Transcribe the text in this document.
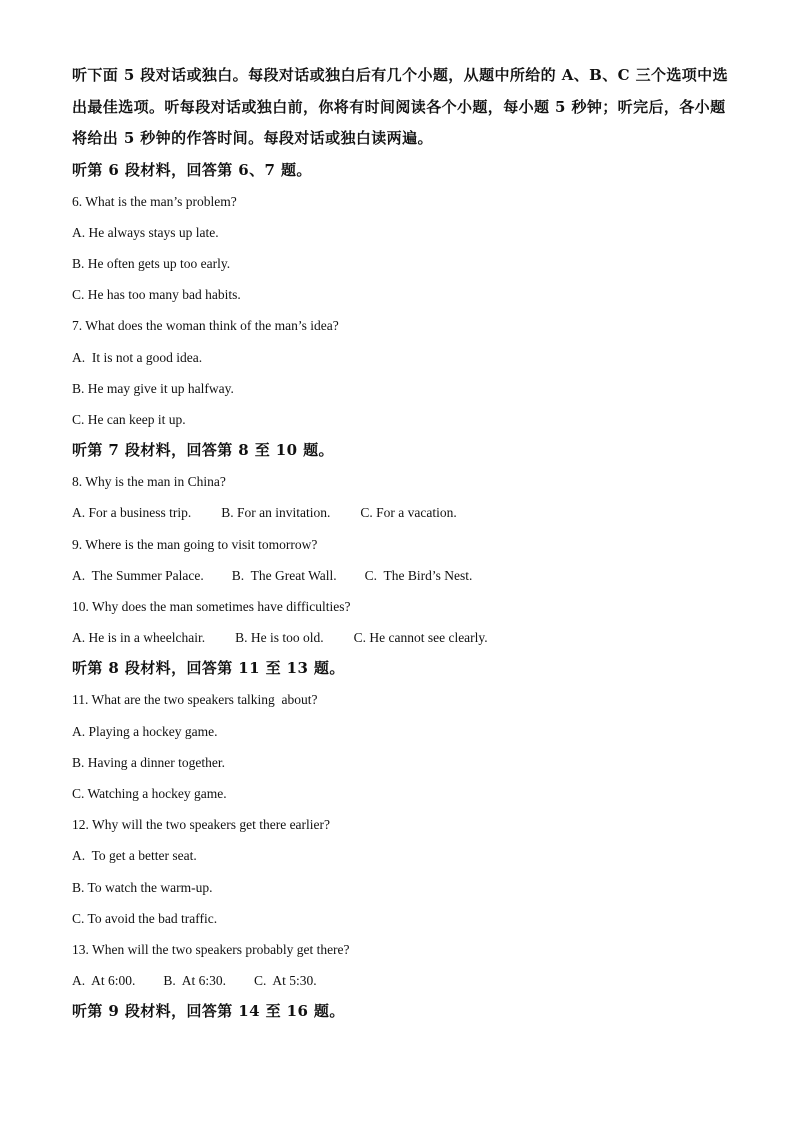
听下面 5 段对话或独白。每段对话或独白后有几个小题，从题中所给的 A、B、C 三个选项中选出最佳选项。听每段对话或独白前，你将有时间阅读各个小题，每小题 5 秒钟；听完后，各小题将给出 5 秒钟的作答时间。每段对话或独白读两遍。

听第 6 段材料，回答第 6、7 题。

6. What is the man’s problem?

A. He always stays up late.

B. He often gets up too early.

C. He has too many bad habits.

7. What does the woman think of the man’s idea?

A.  It is not a good idea.

B. He may give it up halfway.

C. He can keep it up.

听第 7 段材料，回答第 8 至 10 题。

8. Why is the man in China?

A. For a business trip. B. For an invitation. C. For a vacation.

9. Where is the man going to visit tomorrow?

A.  The Summer Palace. B.  The Great Wall. C.  The Bird’s Nest.

10. Why does the man sometimes have difficulties?

A. He is in a wheelchair. B. He is too old. C. He cannot see clearly.

听第 8 段材料，回答第 11 至 13 题。

11. What are the two speakers talking  about?

A. Playing a hockey game.

B. Having a dinner together.

C. Watching a hockey game.

12. Why will the two speakers get there earlier?

A.  To get a better seat.

B. To watch the warm-up.

C. To avoid the bad traffic.

13. When will the two speakers probably get there?

A.  At 6:00. B.  At 6:30. C.  At 5:30.

听第 9 段材料，回答第 14 至 16 题。
